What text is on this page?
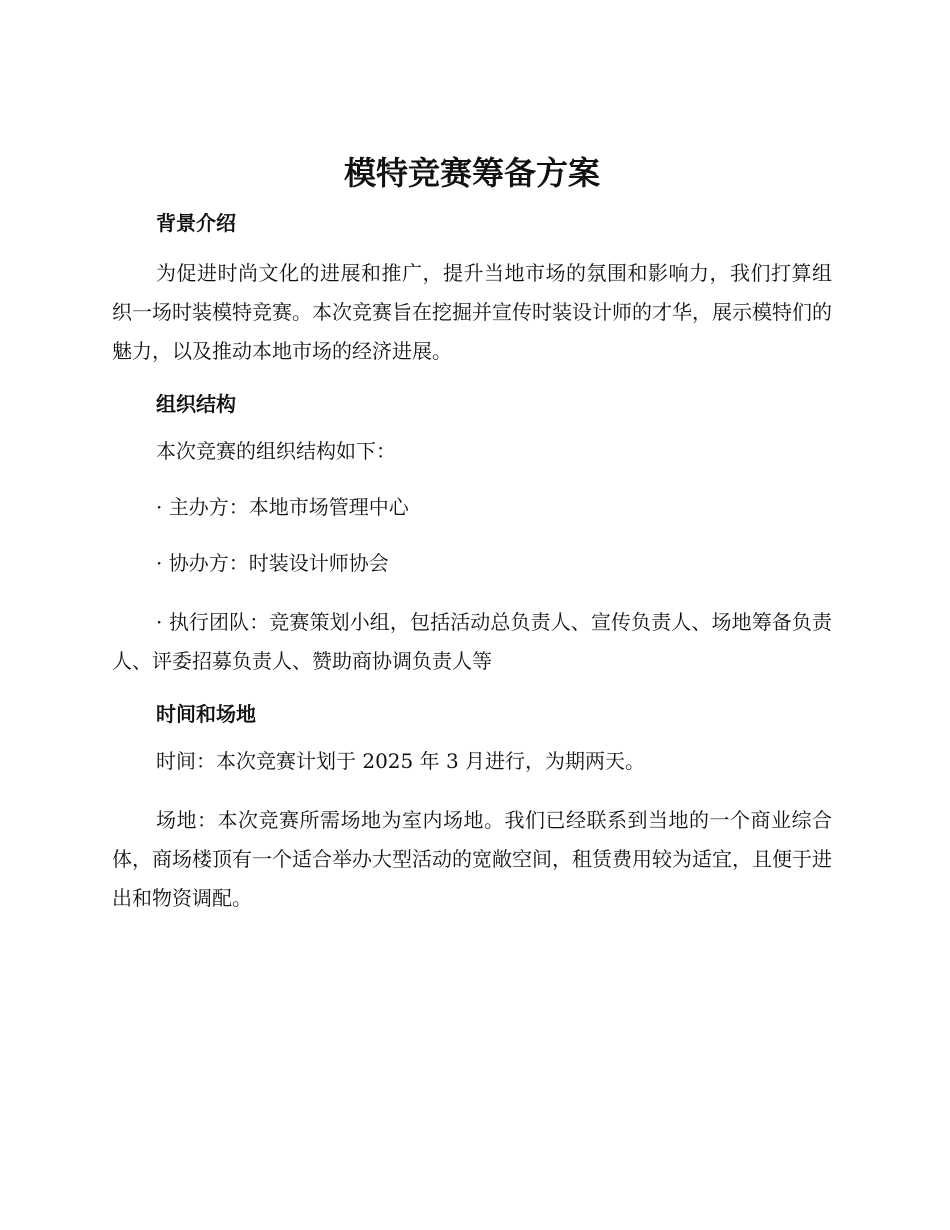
模特竞赛筹备方案
背景介绍

为促进时尚文化的进展和推广，提升当地市场的氛围和影响力，我们打算组织一场时装模特竞赛。本次竞赛旨在挖掘并宣传时装设计师的才华，展示模特们的魅力，以及推动本地市场的经济进展。

组织结构

本次竞赛的组织结构如下：

· 主办方：本地市场管理中心

· 协办方：时装设计师协会

· 执行团队：竞赛策划小组，包括活动总负责人、宣传负责人、场地筹备负责人、评委招募负责人、赞助商协调负责人等

时间和场地

时间：本次竞赛计划于 2025 年 3 月进行，为期两天。

场地：本次竞赛所需场地为室内场地。我们已经联系到当地的一个商业综合体，商场楼顶有一个适合举办大型活动的宽敞空间，租赁费用较为适宜，且便于进出和物资调配。
